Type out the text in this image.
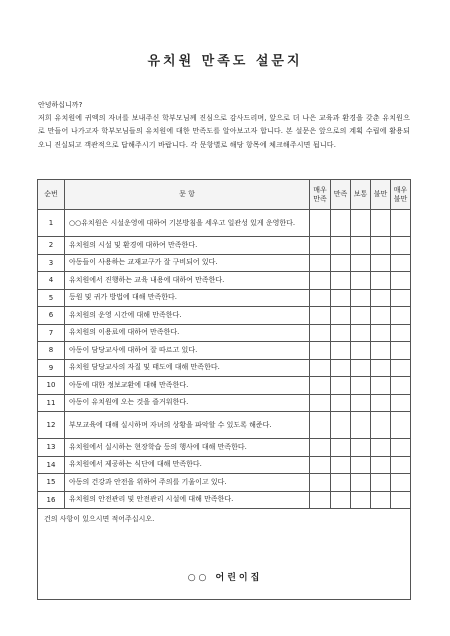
유치원 만족도 설문지
안녕하십니까?
저희 유치원에 귀엑의 자녀를 보내주신 학부모님께 진심으로 감사드리며, 앞으로 더 나은 교육과 환경을 갖춘 유치원으로 만들어 나가고자 학부모님들의 유치원에 대한 만족도를 알아보고자 합니다. 본 설문은 앞으로의 계획 수립에 활용되오니 진실되고 객관적으로 답해주시기 바랍니다. 각 문항별로 해당 항목에 체크해주시면 됩니다.
순번	문 항	매우 만족	만족	보통	불만	매우 불만
1	○○유치원은 시설운영에 대하여 기본방침을 세우고 일관성 있게 운영한다.					
2	유치원의 시설 및 환경에 대하여 만족한다.					
3	아동들이 사용하는 교재교구가 잘 구비되어 있다.					
4	유치원에서 진행하는 교육 내용에 대하여 만족한다.					
5	등원 및 귀가 방법에 대해 만족한다.					
6	유치원의 운영 시간에 대해 만족한다.					
7	유치원의 이용료에 대하여 만족한다.					
8	아동이 담당교사에 대하여 잘 따르고 있다.					
9	유치원 담당교사의 자질 및 태도에 대해 만족한다.					
10	아동에 대한 정보교환에 대해 만족한다.					
11	아동이 유치원에 오는 것을 즐거워한다.					
12	부모교육에 대해 실시하며 자녀의 상황을 파악할 수 있도록 해준다.					
13	유치원에서 실시하는 현장학습 등의 행사에 대해 만족한다.					
14	유치원에서 제공하는 식단에 대해 만족한다.					
15	아동의 건강과 안전을 위하여 주의를 기울이고 있다.					
16	유치원의 안전관리 및 안전관리 시설에 대해 만족한다.					
건의 사항이 있으시면 적어주십시오.						
○○ 어린이집
